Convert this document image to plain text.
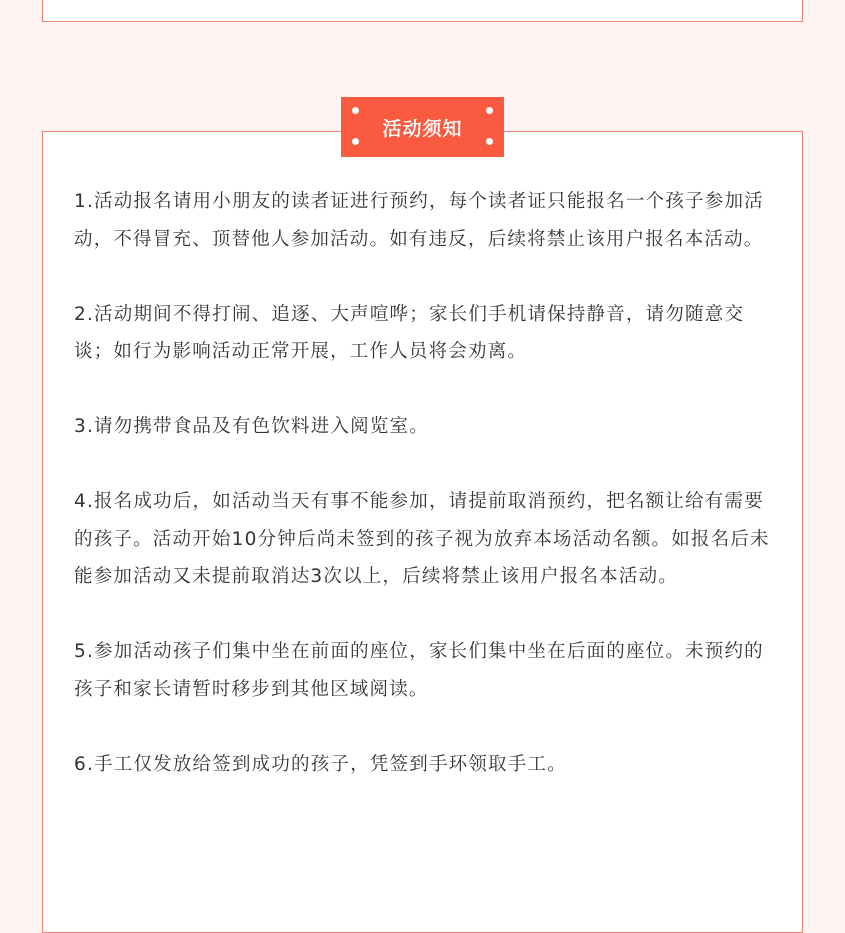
活动须知
1.活动报名请用小朋友的读者证进行预约，每个读者证只能报名一个孩子参加活动，不得冒充、顶替他人参加活动。如有违反，后续将禁止该用户报名本活动。
2.活动期间不得打闹、追逐、大声喧哗；家长们手机请保持静音，请勿随意交谈；如行为影响活动正常开展，工作人员将会劝离。
3.请勿携带食品及有色饮料进入阅览室。
4.报名成功后，如活动当天有事不能参加，请提前取消预约，把名额让给有需要的孩子。活动开始10分钟后尚未签到的孩子视为放弃本场活动名额。如报名后未能参加活动又未提前取消达3次以上，后续将禁止该用户报名本活动。
5.参加活动孩子们集中坐在前面的座位，家长们集中坐在后面的座位。未预约的孩子和家长请暂时移步到其他区域阅读。
6.手工仅发放给签到成功的孩子，凭签到手环领取手工。
